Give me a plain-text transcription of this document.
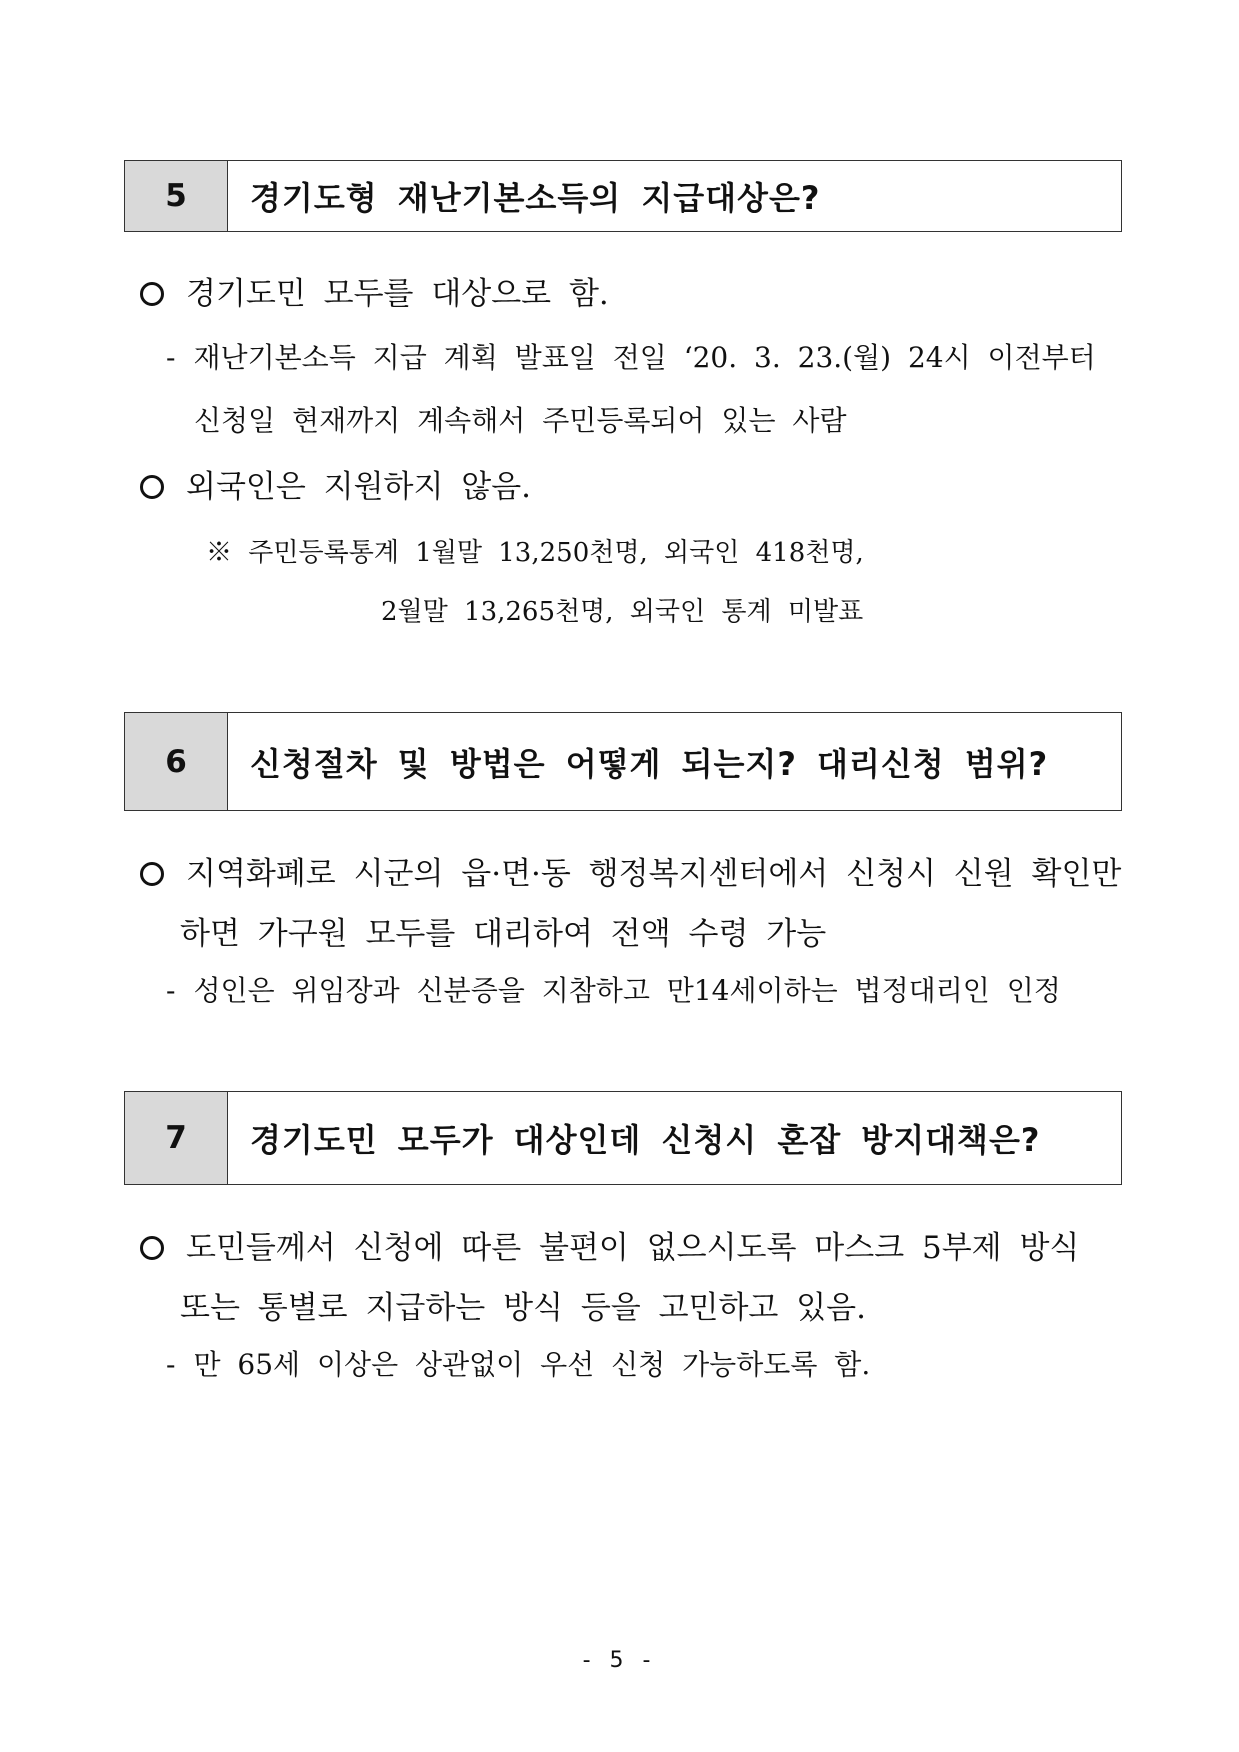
5	경기도형 재난기본소득의 지급대상은?
경기도민 모두를 대상으로 함.
- 재난기본소득 지급 계획 발표일 전일 ‘20. 3. 23.(월) 24시 이전부터
신청일 현재까지 계속해서 주민등록되어 있는 사람
외국인은 지원하지 않음.
※ 주민등록통계 1월말 13,250천명, 외국인 418천명,
2월말 13,265천명, 외국인 통계 미발표
6	신청절차 및 방법은 어떻게 되는지? 대리신청 범위?
지역화폐로 시군의 읍·면·동 행정복지센터에서 신청시 신원 확인만
하면 가구원 모두를 대리하여 전액 수령 가능
- 성인은 위임장과 신분증을 지참하고 만14세이하는 법정대리인 인정
7	경기도민 모두가 대상인데 신청시 혼잡 방지대책은?
도민들께서 신청에 따른 불편이 없으시도록 마스크 5부제 방식
또는 통별로 지급하는 방식 등을 고민하고 있음.
- 만 65세 이상은 상관없이 우선 신청 가능하도록 함.
- 5 -
